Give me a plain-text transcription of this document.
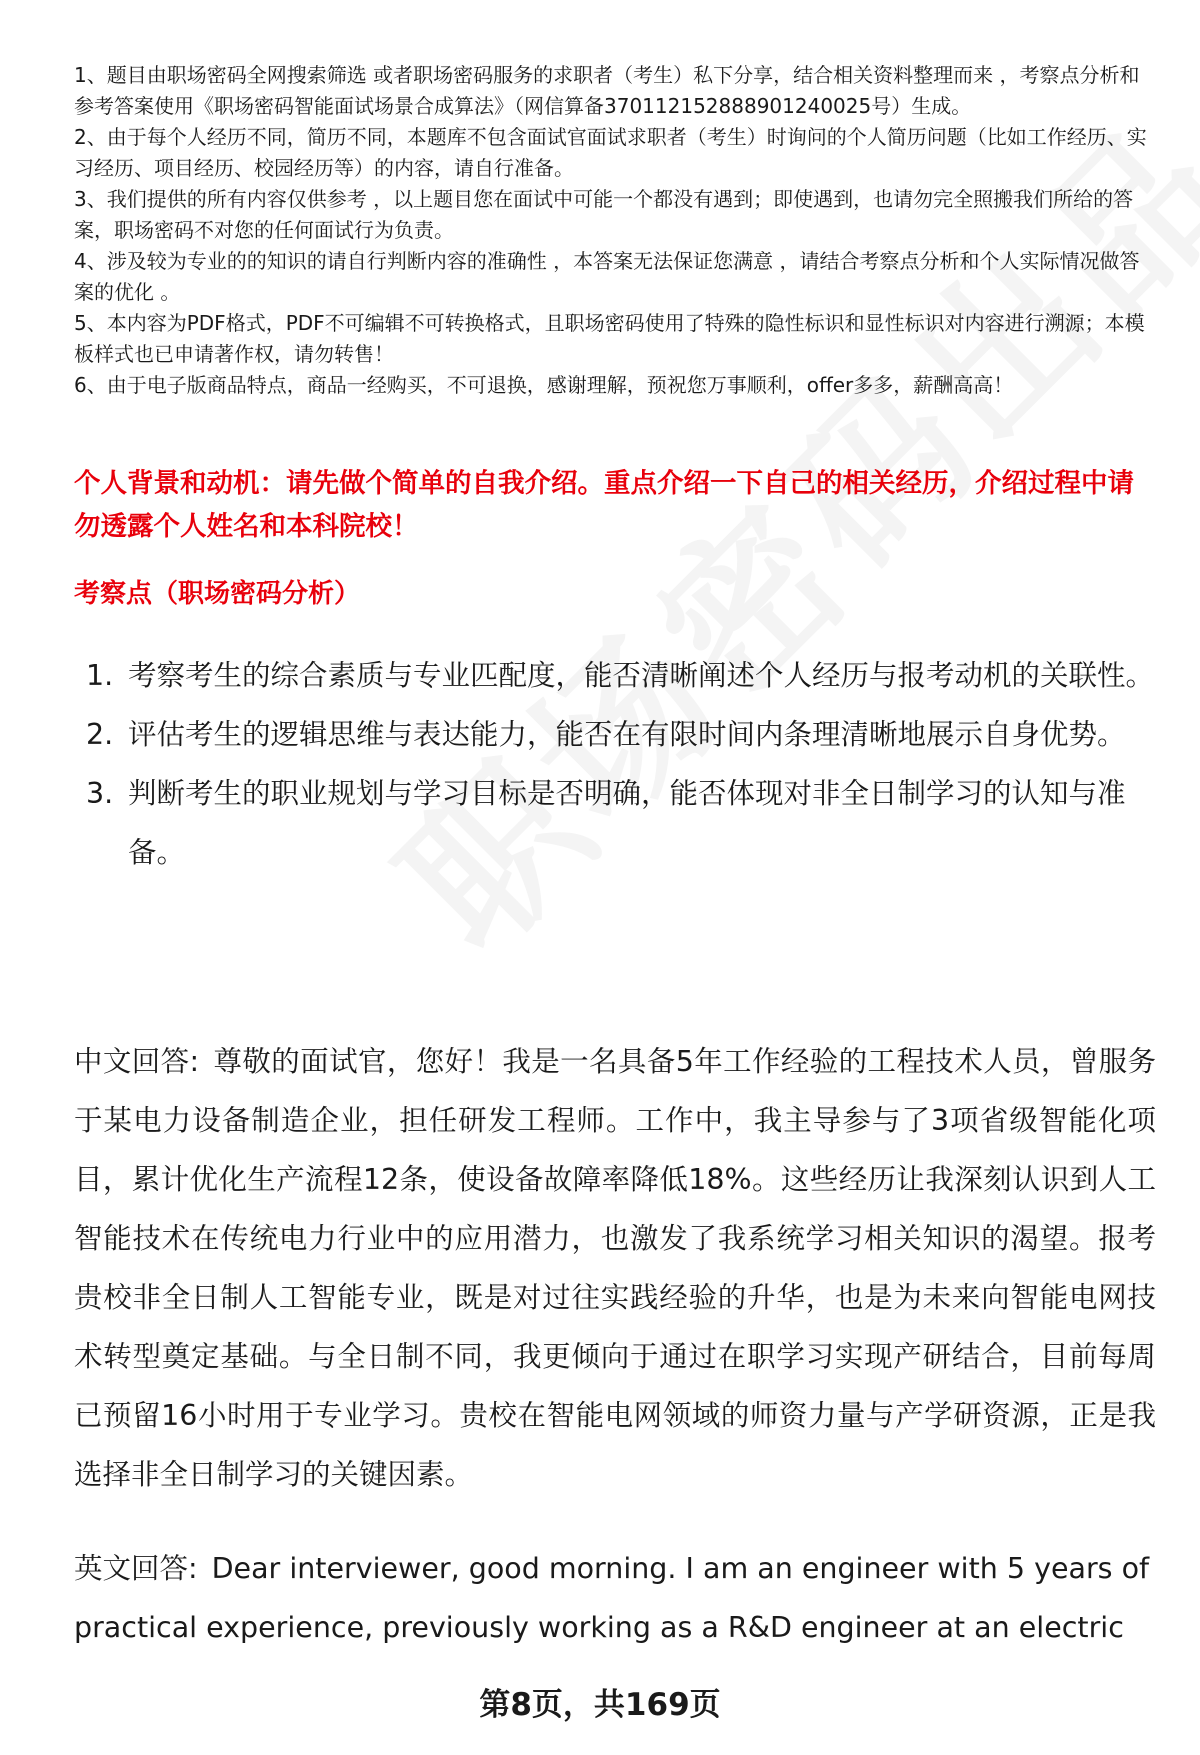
1、题目由职场密码全网搜索筛选 或者职场密码服务的求职者（考生）私下分享，结合相关资料整理而来 ，考察点分析和参考答案使用《职场密码智能面试场景合成算法》（网信算备370112152888901240025号）生成。

2、由于每个人经历不同，简历不同，本题库不包含面试官面试求职者（考生）时询问的个人简历问题（比如工作经历、实习经历、项目经历、校园经历等）的内容，请自行准备。

3、我们提供的所有内容仅供参考 ，以上题目您在面试中可能一个都没有遇到；即使遇到，也请勿完全照搬我们所给的答案，职场密码不对您的任何面试行为负责。

4、涉及较为专业的的知识的请自行判断内容的准确性 ，本答案无法保证您满意 ，请结合考察点分析和个人实际情况做答案的优化 。

5、本内容为PDF格式，PDF不可编辑不可转换格式，且职场密码使用了特殊的隐性标识和显性标识对内容进行溯源；本模板样式也已申请著作权，请勿转售！

6、由于电子版商品特点，商品一经购买，不可退换，感谢理解，预祝您万事顺利，offer多多，薪酬高高！

个人背景和动机：请先做个简单的自我介绍。重点介绍一下自己的相关经历，介绍过程中请勿透露个人姓名和本科院校！
考察点（职场密码分析）
1. 考察考生的综合素质与专业匹配度，能否清晰阐述个人经历与报考动机的关联性。
2. 评估考生的逻辑思维与表达能力，能否在有限时间内条理清晰地展示自身优势。
3. 判断考生的职业规划与学习目标是否明确，能否体现对非全日制学习的认知与准备。

中文回答: 尊敬的面试官，您好！我是一名具备5年工作经验的工程技术人员，曾服务于某电力设备制造企业，担任研发工程师。工作中，我主导参与了3项省级智能化项目，累计优化生产流程12条，使设备故障率降低18%。这些经历让我深刻认识到人工智能技术在传统电力行业中的应用潜力，也激发了我系统学习相关知识的渴望。报考贵校非全日制人工智能专业，既是对过往实践经验的升华，也是为未来向智能电网技术转型奠定基础。与全日制不同，我更倾向于通过在职学习实现产研结合，目前每周已预留16小时用于专业学习。贵校在智能电网领域的师资力量与产学研资源，正是我选择非全日制学习的关键因素。

英文回答: Dear interviewer, good morning. I am an engineer with 5 years of practical experience, previously working as a R&D engineer at an electric

第8页，共169页
